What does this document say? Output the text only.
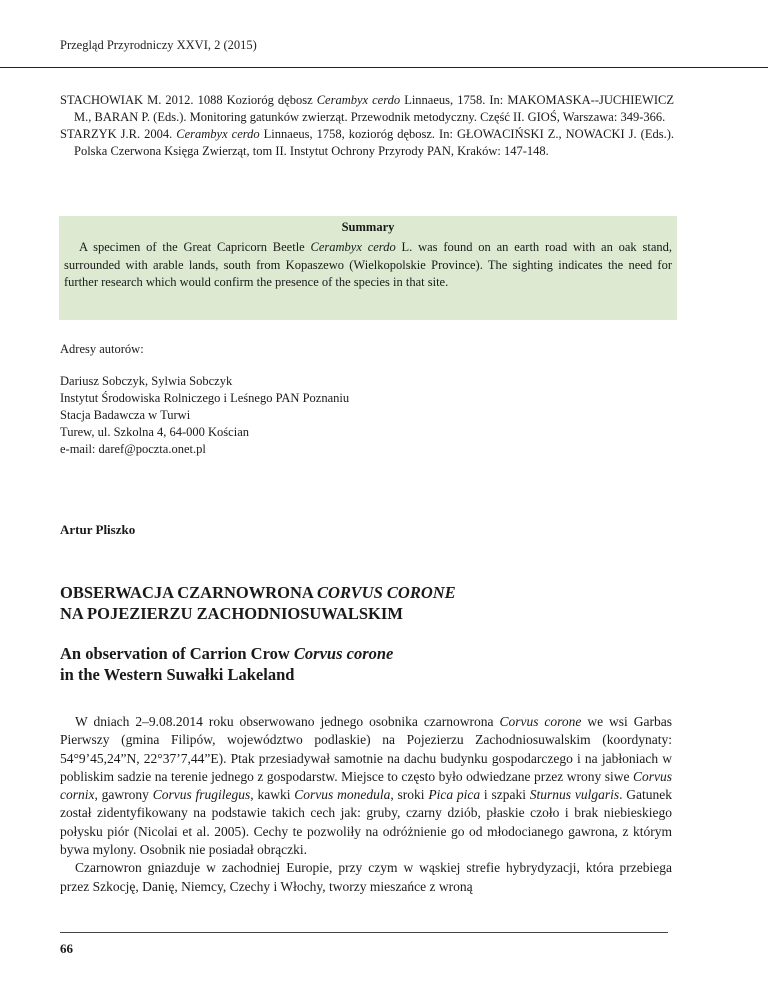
Przegląd Przyrodniczy XXVI, 2 (2015)

STACHOWIAK M. 2012. 1088 Kozioróg dębosz Cerambyx cerdo Linnaeus, 1758. In: MAKOMASKA--JUCHIEWICZ M., BARAN P. (Eds.). Monitoring gatunków zwierząt. Przewodnik metodyczny. Część II. GIOŚ, Warszawa: 349-366.

STARZYK J.R. 2004. Cerambyx cerdo Linnaeus, 1758, kozioróg dębosz. In: GŁOWACIŃSKI Z., NOWACKI J. (Eds.). Polska Czerwona Księga Zwierząt, tom II. Instytut Ochrony Przyrody PAN, Kraków: 147-148.

Summary

A specimen of the Great Capricorn Beetle Cerambyx cerdo L. was found on an earth road with an oak stand, surrounded with arable lands, south from Kopaszewo (Wielkopolskie Province). The sighting indicates the need for further research which would confirm the presence of the species in that site.

Adresy autorów:
Dariusz Sobczyk, Sylwia Sobczyk
Instytut Środowiska Rolniczego i Leśnego PAN Poznaniu
Stacja Badawcza w Turwi
Turew, ul. Szkolna 4, 64-000 Kościan
e-mail: daref@poczta.onet.pl
Artur Pliszko
OBSERWACJA CZARNOWRONA CORVUS CORONE
NA POJEZIERZU ZACHODNIOSUWALSKIM
An observation of Carrion Crow Corvus corone
in the Western Suwałki Lakeland

W dniach 2–9.08.2014 roku obserwowano jednego osobnika czarnowrona Corvus corone we wsi Garbas Pierwszy (gmina Filipów, województwo podlaskie) na Pojezierzu Zachodniosuwalskim (koordynaty: 54°9’45,24”N, 22°37’7,44”E). Ptak przesiadywał samotnie na dachu budynku gospodarczego i na jabłoniach w pobliskim sadzie na terenie jednego z gospodarstw. Miejsce to często było odwiedzane przez wrony siwe Corvus cornix, gawrony Corvus frugilegus, kawki Corvus monedula, sroki Pica pica i szpaki Sturnus vulgaris. Gatunek został zidentyfikowany na podstawie takich cech jak: gruby, czarny dziób, płaskie czoło i brak niebieskiego połysku piór (Nicolai et al. 2005). Cechy te pozwoliły na odróżnienie go od młodocianego gawrona, z którym bywa mylony. Osobnik nie posiadał obrączki.

Czarnowron gniazduje w zachodniej Europie, przy czym w wąskiej strefie hybrydyzacji, która przebiega przez Szkocję, Danię, Niemcy, Czechy i Włochy, tworzy mieszańce z wroną

66
